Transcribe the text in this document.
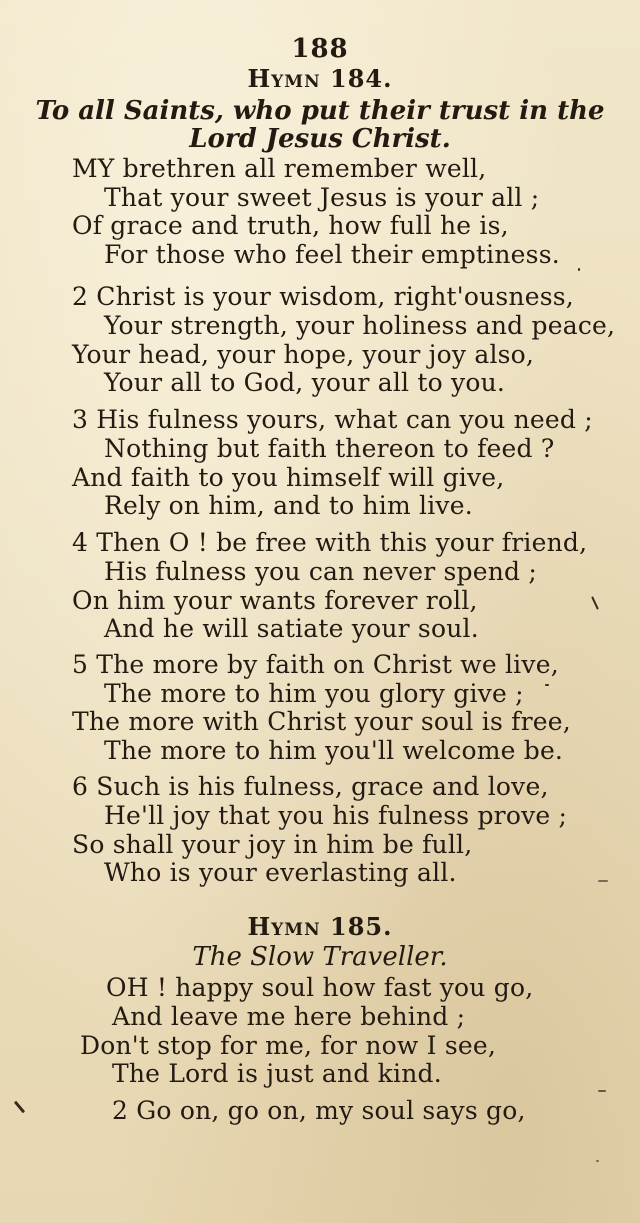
188
Hymn 184.
To all Saints, who put their trust in the
Lord Jesus Christ.
MY brethren all remember well,
That your sweet Jesus is your all ;
Of grace and truth, how full he is,
For those who feel their emptiness.
2 Christ is your wisdom, right'ousness,
Your strength, your holiness and peace,
Your head, your hope, your joy also,
Your all to God, your all to you.
3 His fulness yours, what can you need ;
Nothing but faith thereon to feed ?
And faith to you himself will give,
Rely on him, and to him live.
4 Then O ! be free with this your friend,
His fulness you can never spend ;
On him your wants forever roll,
And he will satiate your soul.
5 The more by faith on Christ we live,
The more to him you glory give ;
The more with Christ your soul is free,
The more to him you'll welcome be.
6 Such is his fulness, grace and love,
He'll joy that you his fulness prove ;
So shall your joy in him be full,
Who is your everlasting all.
Hymn 185.
The Slow Traveller.
OH ! happy soul how fast you go,
And leave me here behind ;
Don't stop for me, for now I see,
The Lord is just and kind.
2 Go on, go on, my soul says go,
